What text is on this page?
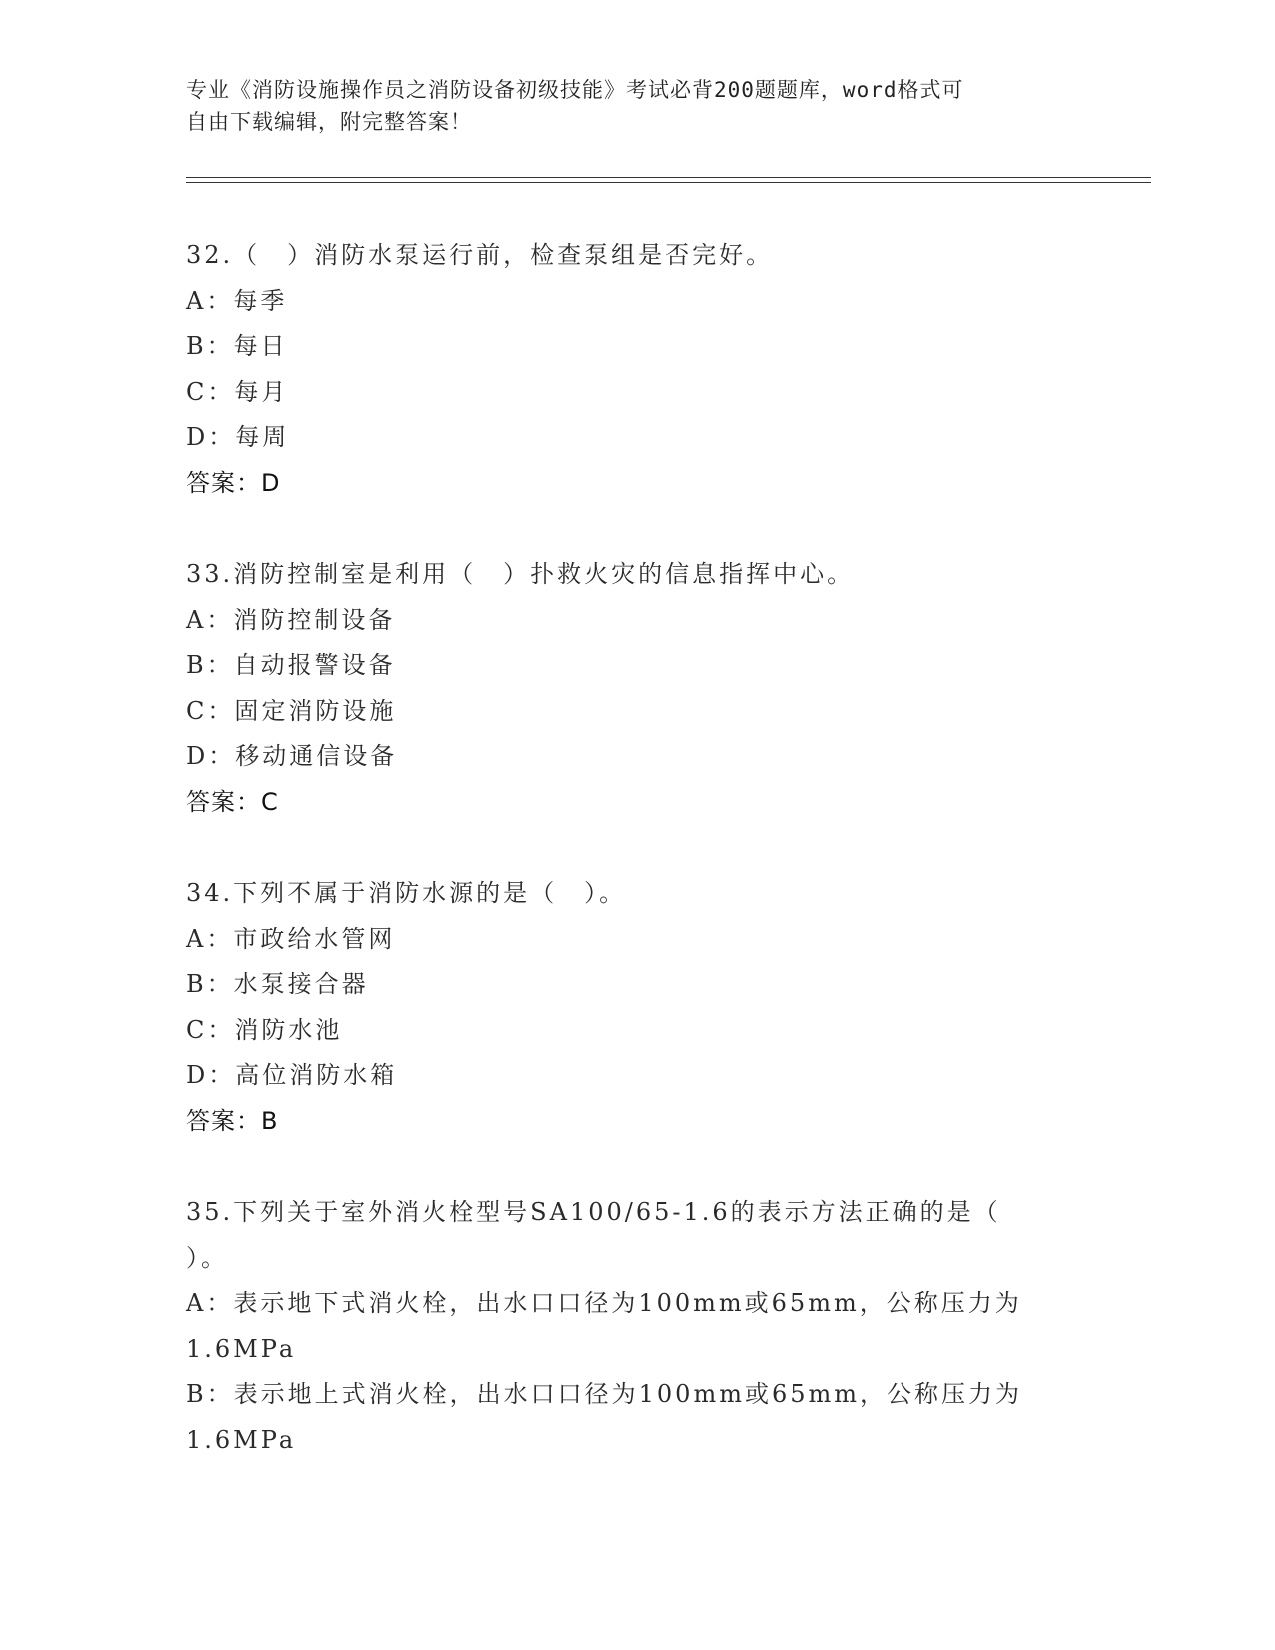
专业《消防设施操作员之消防设备初级技能》考试必背200题题库，word格式可
自由下载编辑，附完整答案！
32.（　）消防水泵运行前，检查泵组是否完好。
A：每季
B：每日
C：每月
D：每周
答案：D
33.消防控制室是利用（　）扑救火灾的信息指挥中心。
A：消防控制设备
B：自动报警设备
C：固定消防设施
D：移动通信设备
答案：C
34.下列不属于消防水源的是（　）。
A：市政给水管网
B：水泵接合器
C：消防水池
D：高位消防水箱
答案：B
35.下列关于室外消火栓型号SA100/65-1.6的表示方法正确的是（
）。
A：表示地下式消火栓，出水口口径为100mm或65mm，公称压力为
1.6MPa
B：表示地上式消火栓，出水口口径为100mm或65mm，公称压力为
1.6MPa
